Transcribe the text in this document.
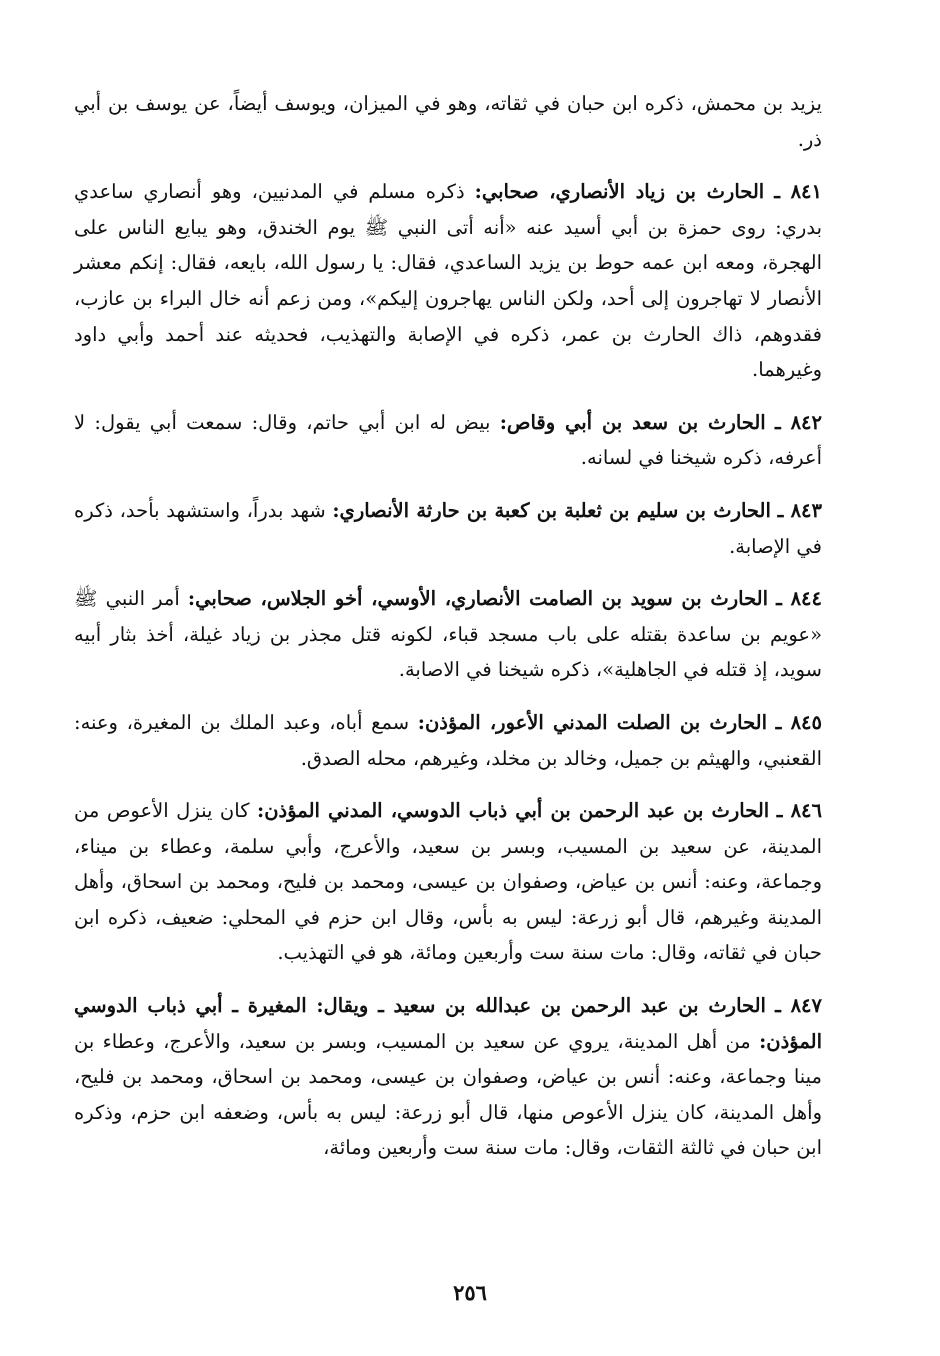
يزيد بن محمش، ذكره ابن حبان في ثقاته، وهو في الميزان، ويوسف أيضاً، عن يوسف بن أبي ذر.

٨٤١ ـ الحارث بن زياد الأنصاري، صحابي: ذكره مسلم في المدنيين، وهو أنصاري ساعدي بدري: روى حمزة بن أبي أسيد عنه «أنه أتى النبي ﷺ يوم الخندق، وهو يبايع الناس على الهجرة، ومعه ابن عمه حوط بن يزيد الساعدي، فقال: يا رسول الله، بايعه، فقال: إنكم معشر الأنصار لا تهاجرون إلى أحد، ولكن الناس يهاجرون إليكم»، ومن زعم أنه خال البراء بن عازب، فقدوهم، ذاك الحارث بن عمر، ذكره في الإصابة والتهذيب، فحديثه عند أحمد وأبي داود وغيرهما.

٨٤٢ ـ الحارث بن سعد بن أبي وقاص: بيض له ابن أبي حاتم، وقال: سمعت أبي يقول: لا أعرفه، ذكره شيخنا في لسانه.

٨٤٣ ـ الحارث بن سليم بن ثعلبة بن كعبة بن حارثة الأنصاري: شهد بدراً، واستشهد بأحد، ذكره في الإصابة.

٨٤٤ ـ الحارث بن سويد بن الصامت الأنصاري، الأوسي، أخو الجلاس، صحابي: أمر النبي ﷺ «عويم بن ساعدة بقتله على باب مسجد قباء، لكونه قتل مجذر بن زياد غيلة، أخذ بثار أبيه سويد، إذ قتله في الجاهلية»، ذكره شيخنا في الاصابة.

٨٤٥ ـ الحارث بن الصلت المدني الأعور، المؤذن: سمع أباه، وعبد الملك بن المغيرة، وعنه: القعنبي، والهيثم بن جميل، وخالد بن مخلد، وغيرهم، محله الصدق.

٨٤٦ ـ الحارث بن عبد الرحمن بن أبي ذباب الدوسي، المدني المؤذن: كان ينزل الأعوص من المدينة، عن سعيد بن المسيب، وبسر بن سعيد، والأعرج، وأبي سلمة، وعطاء بن ميناء، وجماعة، وعنه: أنس بن عياض، وصفوان بن عيسى، ومحمد بن فليح، ومحمد بن اسحاق، وأهل المدينة وغيرهم، قال أبو زرعة: ليس به بأس، وقال ابن حزم في المحلي: ضعيف، ذكره ابن حبان في ثقاته، وقال: مات سنة ست وأربعين ومائة، هو في التهذيب.

٨٤٧ ـ الحارث بن عبد الرحمن بن عبدالله بن سعيد ـ ويقال: المغيرة ـ أبي ذباب الدوسي المؤذن: من أهل المدينة، يروي عن سعيد بن المسيب، وبسر بن سعيد، والأعرج، وعطاء بن مينا وجماعة، وعنه: أنس بن عياض، وصفوان بن عيسى، ومحمد بن اسحاق، ومحمد بن فليح، وأهل المدينة، كان ينزل الأعوص منها، قال أبو زرعة: ليس به بأس، وضعفه ابن حزم، وذكره ابن حبان في ثالثة الثقات، وقال: مات سنة ست وأربعين ومائة،

٢٥٦
